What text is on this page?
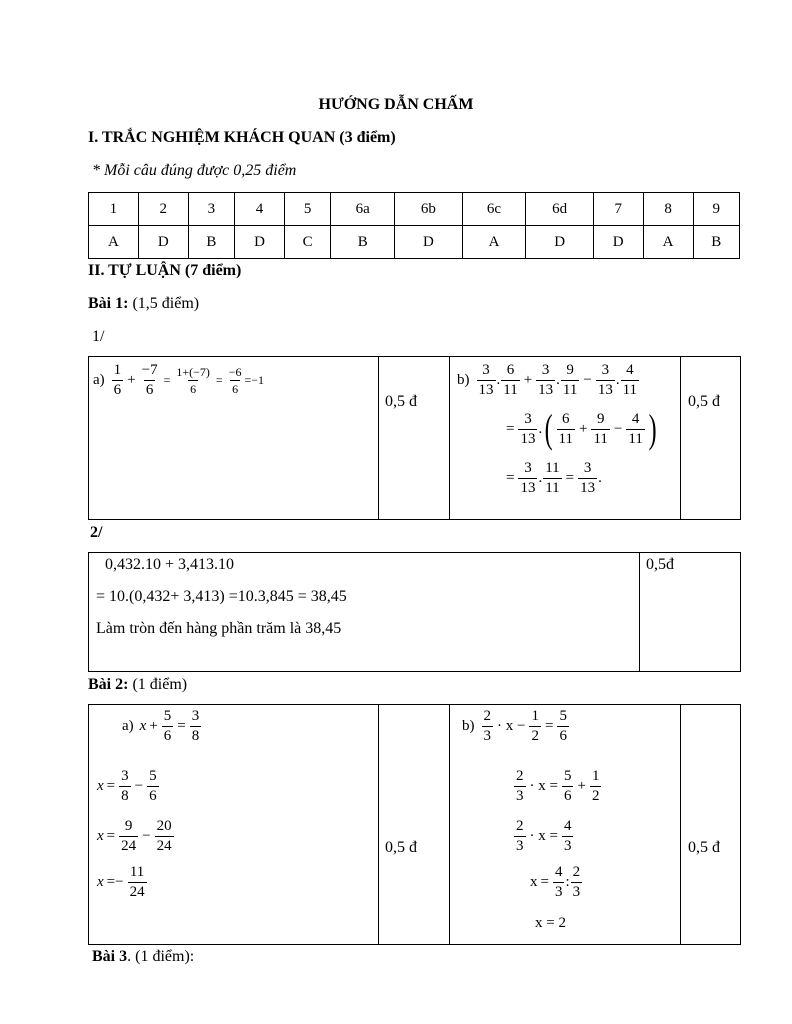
HƯỚNG DẪN CHẤM
I. TRẮC NGHIỆM KHÁCH QUAN (3 điểm)
* Mỗi câu đúng được 0,25 điểm
1	2	3	4	5	6a	6b	6c	6d	7	8	9
A	D	B	D	C	B	D	A	D	D	A	B
II. TỰ LUẬN (7 điểm)
Bài 1: (1,5 điểm)
1/
$a) \frac{1}{6} + \frac{-7}{6} = \frac{1+(-7)}{6} = \frac{-6}{6} =-1$
0,5 đ
$b) \frac{3}{13}$ . $\frac{6}{11} + \frac{3}{13}$ . $\frac{9}{11} - \frac{3}{13}$ . $\frac{4}{11}$
= $\frac{3}{13}$ . ( $\frac{6}{11} + \frac{9}{11} - \frac{4}{11}$ )
= $\frac{3}{13}$ . $\frac{11}{11} = \frac{3}{13}$ .
0,5 đ
2/
0,432.10 + 3,413.10
= 10.(0,432+ 3,413) =10.3,845 = 38,45
Làm tròn đến hàng phần trăm là 38,45
0,5đ
Bài 2: (1 điểm)
a) $x + \frac{5}{6} = \frac{3}{8}$
$x = \frac{3}{8} - \frac{5}{6}$
$x = \frac{9}{24} - \frac{20}{24}$
$x =- \frac{11}{24}$
0,5 đ
$b) \frac{2}{3} \cdot x - \frac{1}{2} = \frac{5}{6}$
$\frac{2}{3} \cdot x = \frac{5}{6} + \frac{1}{2}$
$\frac{2}{3} \cdot x = \frac{4}{3}$
$x = \frac{4}{3}$ : $\frac{2}{3}$
x = 2
0,5 đ
Bài 3. (1 điểm):
